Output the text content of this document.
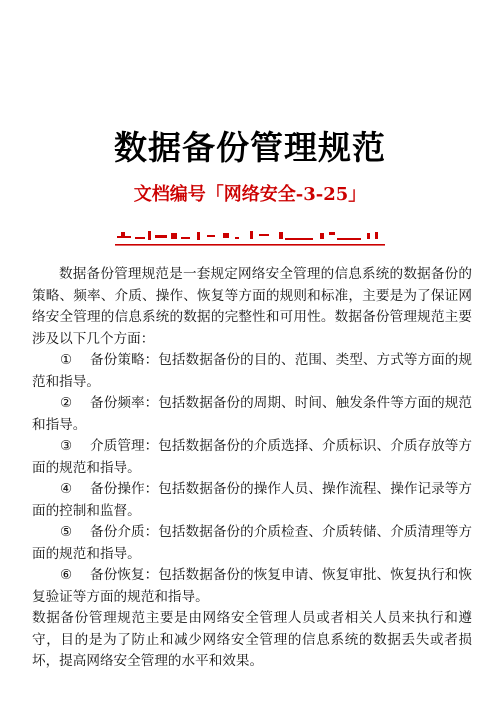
数据备份管理规范
文档编号「网络安全-3-25」

数据备份管理规范是一套规定网络安全管理的信息系统的数据备份的策略、频率、介质、操作、恢复等方面的规则和标准，主要是为了保证网络安全管理的信息系统的数据的完整性和可用性。数据备份管理规范主要涉及以下几个方面：

① 备份策略：包括数据备份的目的、范围、类型、方式等方面的规范和指导。

② 备份频率：包括数据备份的周期、时间、触发条件等方面的规范和指导。

③ 介质管理：包括数据备份的介质选择、介质标识、介质存放等方面的规范和指导。

④ 备份操作：包括数据备份的操作人员、操作流程、操作记录等方面的控制和监督。

⑤ 备份介质：包括数据备份的介质检查、介质转储、介质清理等方面的规范和指导。

⑥ 备份恢复：包括数据备份的恢复申请、恢复审批、恢复执行和恢复验证等方面的规范和指导。

数据备份管理规范主要是由网络安全管理人员或者相关人员来执行和遵守，目的是为了防止和减少网络安全管理的信息系统的数据丢失或者损坏，提高网络安全管理的水平和效果。
